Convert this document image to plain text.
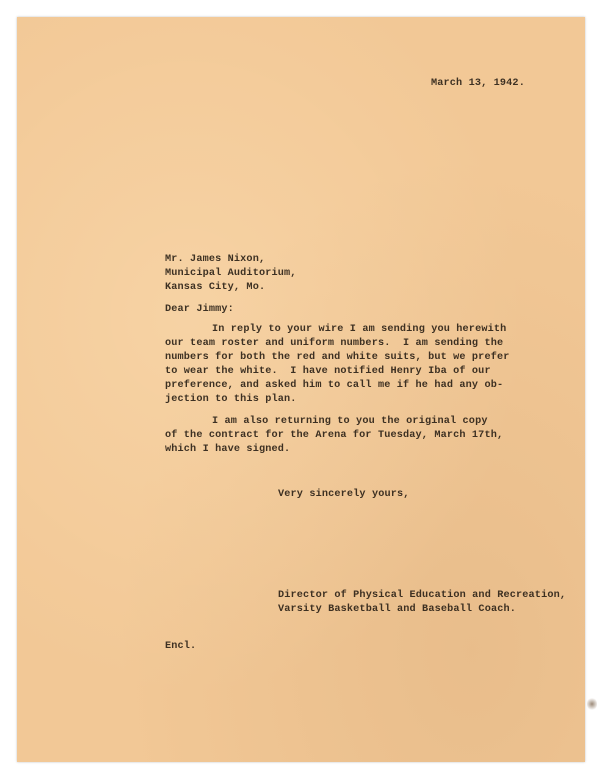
March 13, 1942.
Mr. James Nixon,
Municipal Auditorium,
Kansas City, Mo.
Dear Jimmy:
In reply to your wire I am sending you herewith
our team roster and uniform numbers.  I am sending the
numbers for both the red and white suits, but we prefer
to wear the white.  I have notified Henry Iba of our
preference, and asked him to call me if he had any ob-
jection to this plan.
I am also returning to you the original copy
of the contract for the Arena for Tuesday, March 17th,
which I have signed.
Very sincerely yours,
Director of Physical Education and Recreation,
Varsity Basketball and Baseball Coach.
Encl.
